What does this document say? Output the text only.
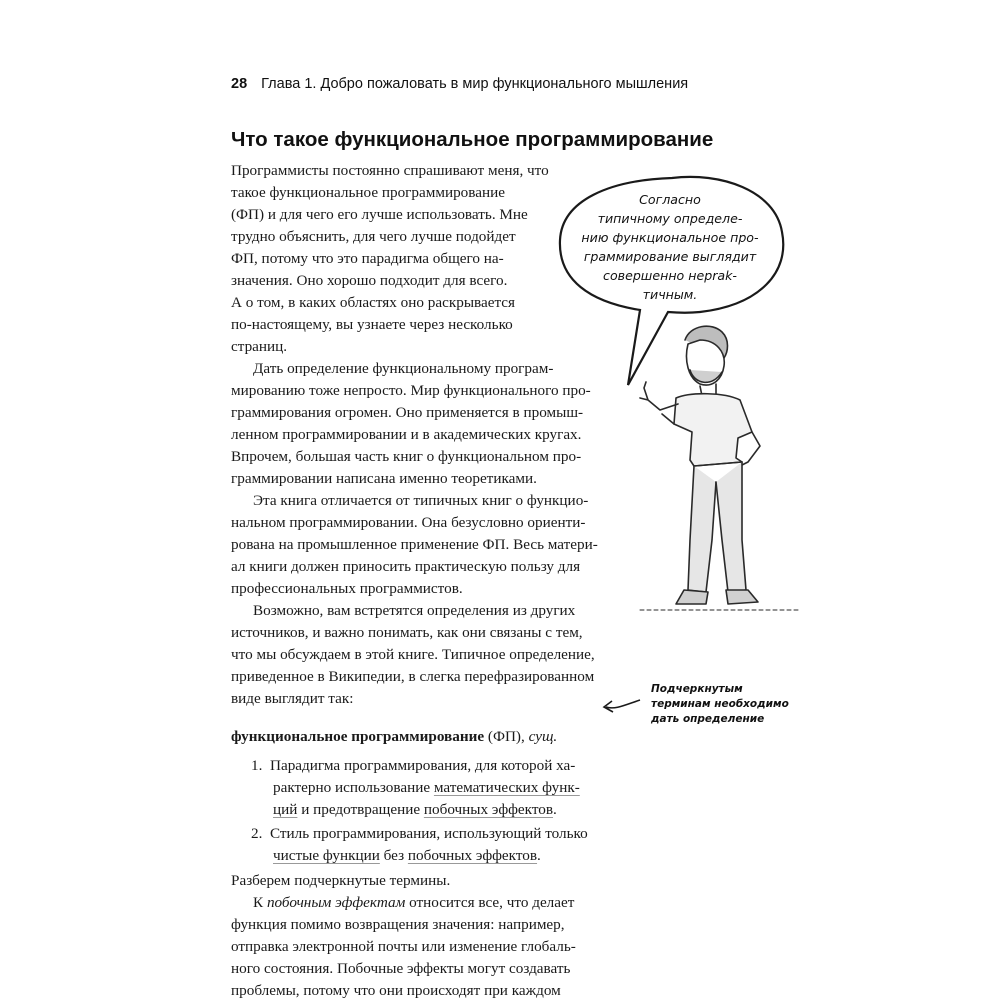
28 Глава 1. Добро пожаловать в мир функционального мышления
Что такое функциональное программирование
Программисты постоянно спрашивают меня, что
такое функциональное программирование
(ФП) и для чего его лучше использовать. Мне
трудно объяснить, для чего лучше подойдет
ФП, потому что это парадигма общего на-
значения. Оно хорошо подходит для всего.
А о том, в каких областях оно раскрывается
по-настоящему, вы узнаете через несколько
страниц.
Дать определение функциональному програм-
мированию тоже непросто. Мир функционального про-
граммирования огромен. Оно применяется в промыш-
ленном программировании и в академических кругах.
Впрочем, большая часть книг о функциональном про-
граммировании написана именно теоретиками.
Эта книга отличается от типичных книг о функцио-
нальном программировании. Она безусловно ориенти-
рована на промышленное применение ФП. Весь матери-
ал книги должен приносить практическую пользу для
профессиональных программистов.
Возможно, вам встретятся определения из других
источников, и важно понимать, как они связаны с тем,
что мы обсуждаем в этой книге. Типичное определение,
приведенное в Википедии, в слегка перефразированном
виде выглядит так:
функциональное программирование (ФП), сущ.
1. Парадигма программирования, для которой ха-
рактерно использование математических функ-
ций и предотвращение побочных эффектов.
2. Стиль программирования, использующий только
чистые функции без побочных эффектов.
Разберем подчеркнутые термины.
К побочным эффектам относится все, что делает
функция помимо возвращения значения: например,
отправка электронной почты или изменение глобаль-
ного состояния. Побочные эффекты могут создавать
проблемы, потому что они происходят при каждом
Согласно
типичному определе-
нию функциональное про-
граммирование выглядит
совершенно неprak-
тичным.
Подчеркнутым
терминам необходимо
дать определение
